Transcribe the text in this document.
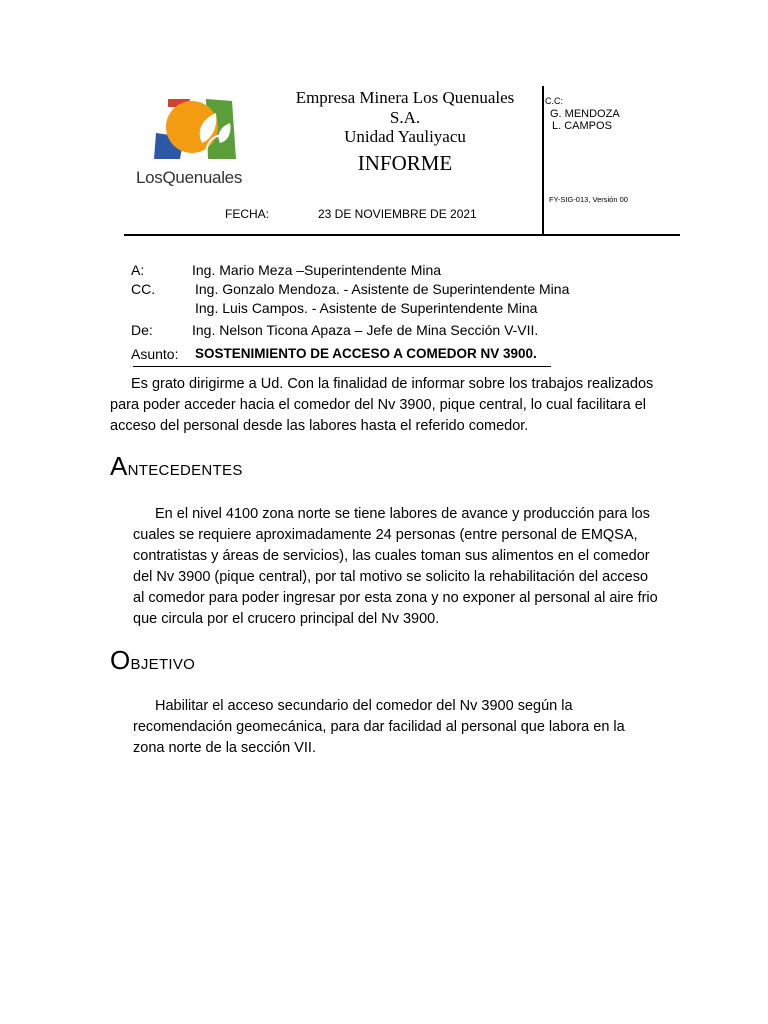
LosQuenuales
Empresa Minera Los Quenuales
S.A.
Unidad Yauliyacu
INFORME
C.C:
G. MENDOZA
L. CAMPOS
FY-SIG-013, Versión 00
FECHA:	23 DE NOVIEMBRE DE 2021
A:	Ing. Mario Meza –Superintendente Mina
CC.	Ing. Gonzalo Mendoza. - Asistente de Superintendente Mina
Ing. Luis Campos. - Asistente de Superintendente Mina
De:	Ing. Nelson Ticona Apaza – Jefe de Mina Sección V-VII.
Asunto: SOSTENIMIENTO DE ACCESO A COMEDOR NV 3900.
Es grato dirigirme a Ud. Con la finalidad de informar sobre los trabajos realizados
para poder acceder hacia el comedor del Nv 3900, pique central, lo cual facilitara el
acceso del personal desde las labores hasta el referido comedor.
ANTECEDENTES
En el nivel 4100 zona norte se tiene labores de avance y producción para los
cuales se requiere aproximadamente 24 personas (entre personal de EMQSA,
contratistas y áreas de servicios), las cuales toman sus alimentos en el comedor
del Nv 3900 (pique central), por tal motivo se solicito la rehabilitación del acceso
al comedor para poder ingresar por esta zona y no exponer al personal al aire frio
que circula por el crucero principal del Nv 3900.
OBJETIVO
Habilitar el acceso secundario del comedor del Nv 3900 según la
recomendación geomecánica, para dar facilidad al personal que labora en la
zona norte de la sección VII.
